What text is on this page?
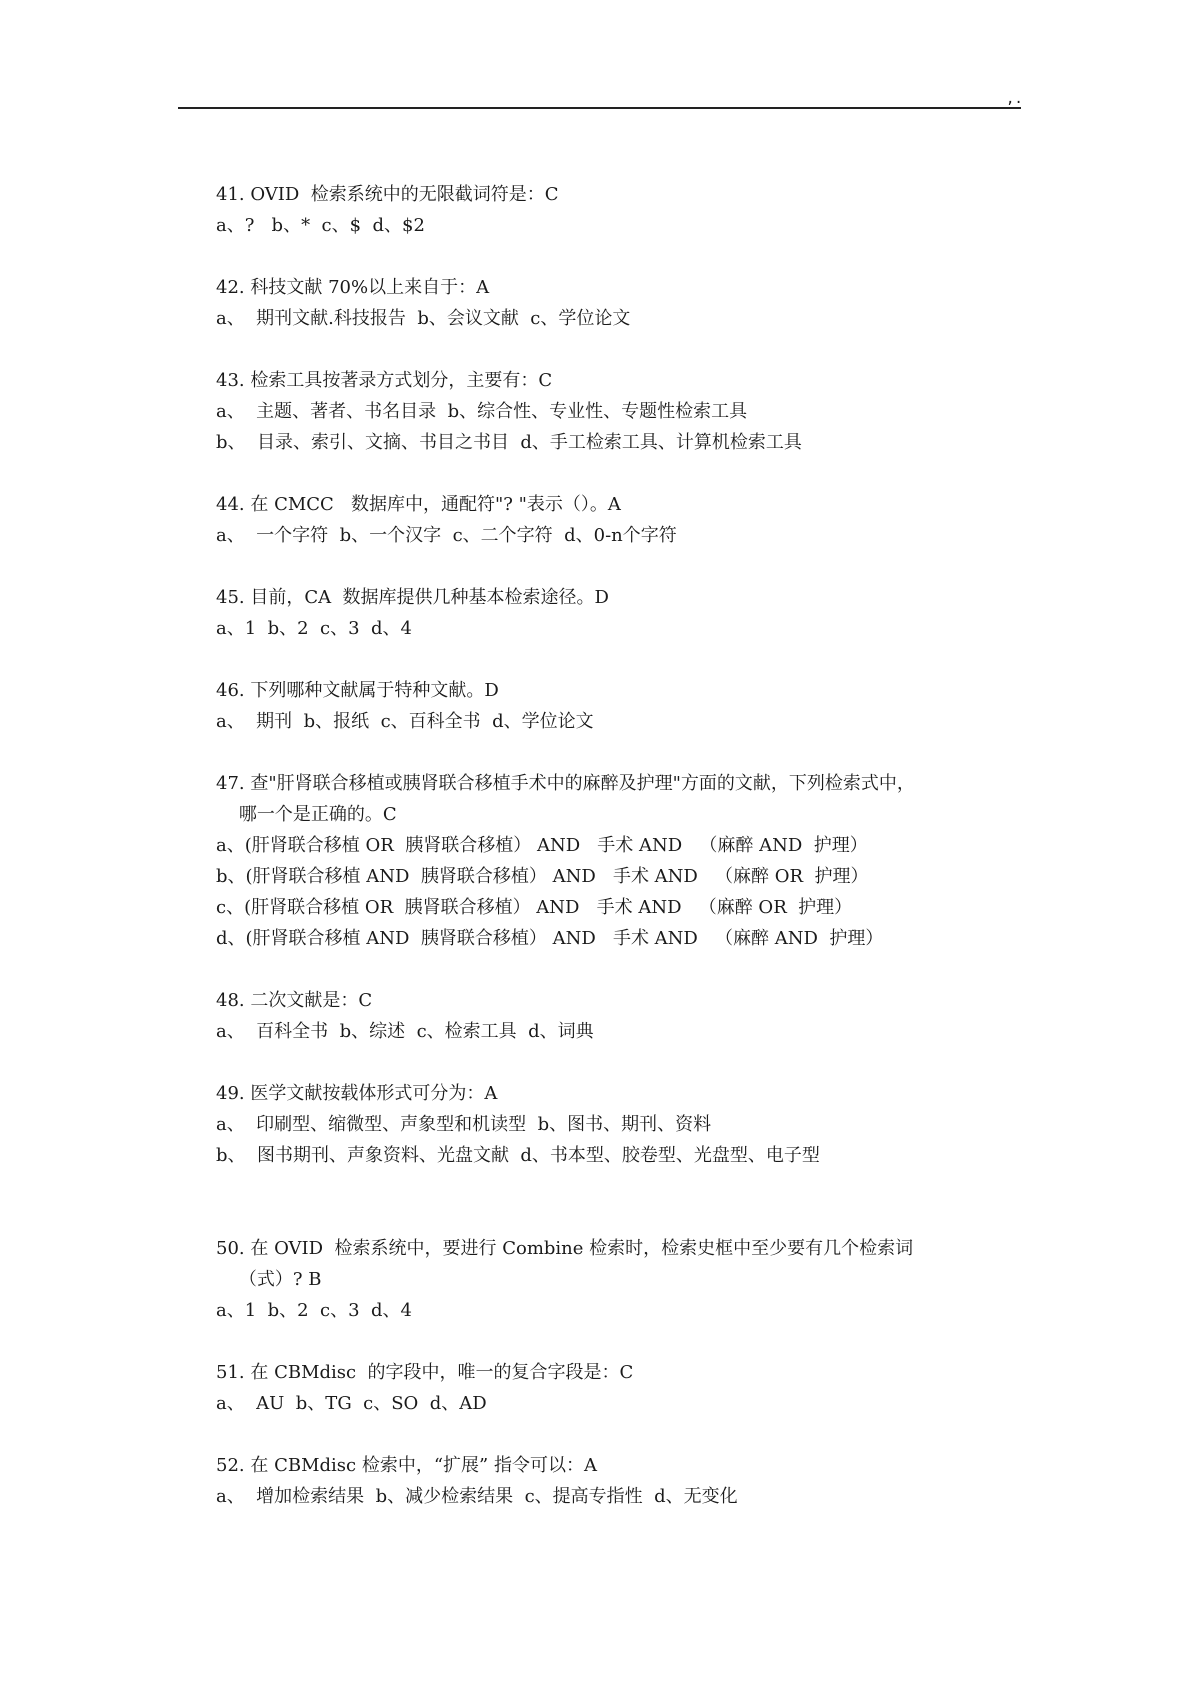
,.
41. OVID  检索系统中的无限截词符是：C
a、?   b、*  c、$  d、$2
42. 科技文献 70%以上来自于：A
a、  期刊文献.科技报告  b、会议文献  c、学位论文
43. 检索工具按著录方式划分，主要有：C
a、  主题、著者、书名目录  b、综合性、专业性、专题性检索工具
b、  目录、索引、文摘、书目之书目  d、手工检索工具、计算机检索工具
44. 在 CMCC   数据库中，通配符"? "表示（）。A
a、  一个字符  b、一个汉字  c、二个字符  d、0-n个字符
45. 目前，CA  数据库提供几种基本检索途径。D
a、1  b、2  c、3  d、4
46. 下列哪种文献属于特种文献。D
a、  期刊  b、报纸  c、百科全书  d、学位论文
47. 查"肝肾联合移植或胰肾联合移植手术中的麻醉及护理"方面的文献，下列检索式中，
哪一个是正确的。C
a、(肝肾联合移植 OR  胰肾联合移植） AND   手术 AND   （麻醉 AND  护理）
b、(肝肾联合移植 AND  胰肾联合移植） AND   手术 AND   （麻醉 OR  护理）
c、(肝肾联合移植 OR  胰肾联合移植） AND   手术 AND   （麻醉 OR  护理）
d、(肝肾联合移植 AND  胰肾联合移植） AND   手术 AND   （麻醉 AND  护理）
48. 二次文献是：C
a、  百科全书  b、综述  c、检索工具  d、词典
49. 医学文献按载体形式可分为：A
a、  印刷型、缩微型、声象型和机读型  b、图书、期刊、资料
b、  图书期刊、声象资料、光盘文献  d、书本型、胶卷型、光盘型、电子型
50. 在 OVID  检索系统中，要进行 Combine 检索时，检索史框中至少要有几个检索词
（式）? B
a、1  b、2  c、3  d、4
51. 在 CBMdisc  的字段中，唯一的复合字段是：C
a、  AU  b、TG  c、SO  d、AD
52. 在 CBMdisc 检索中，“扩展” 指令可以：A
a、  增加检索结果  b、减少检索结果  c、提高专指性  d、无变化
